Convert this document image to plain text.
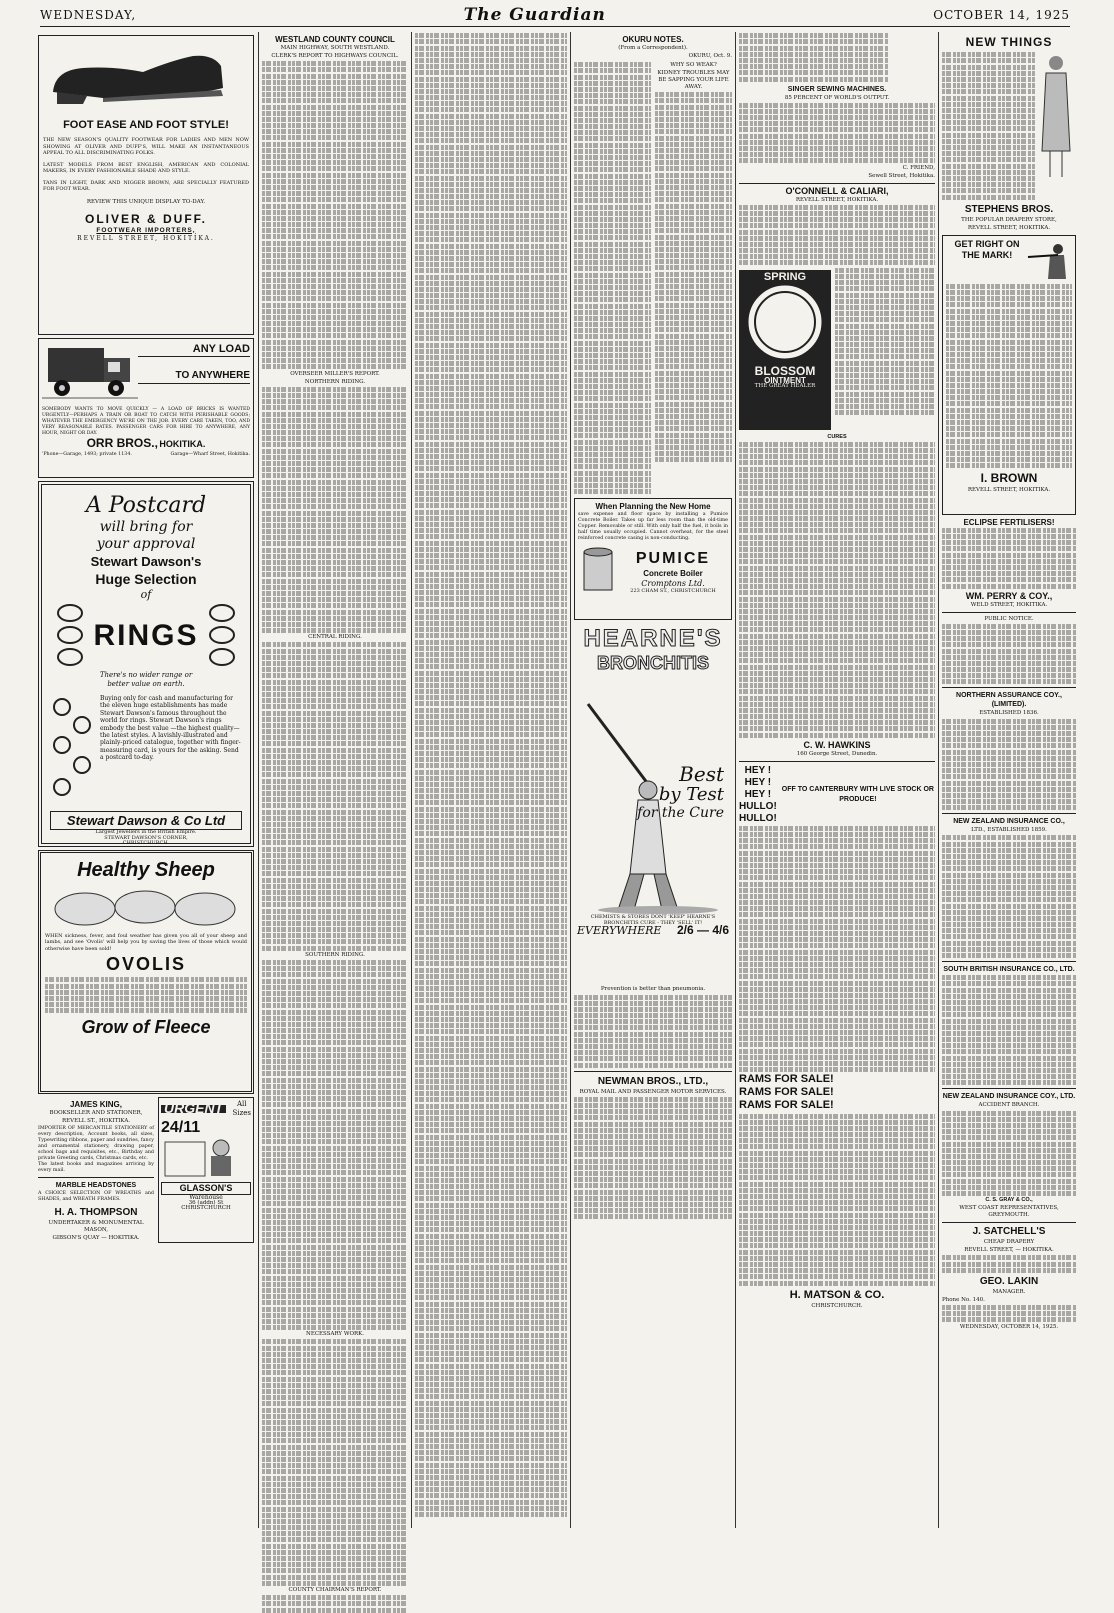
WEDNESDAY,	The Guardian	OCTOBER 14, 1925
FOOT EASE AND FOOT STYLE!
THE NEW SEASON'S QUALITY FOOTWEAR FOR LADIES AND MEN NOW SHOWING AT OLIVER AND DUFF'S, WILL MAKE AN INSTANTANEOUS APPEAL TO ALL DISCRIMINATING FOLKS.
LATEST MODELS FROM BEST ENGLISH, AMERICAN AND COLONIAL MAKERS, IN EVERY FASHIONABLE SHADE AND STYLE.
TANS IN LIGHT, DARK AND NIGGER BROWN, ARE SPECIALLY FEATURED FOR FOOT WEAR.
REVIEW THIS UNIQUE DISPLAY TO-DAY.
OLIVER & DUFF.
FOOTWEAR IMPORTERS,
REVELL STREET, HOKITIKA.
ANY LOAD
TO ANYWHERE
SOMEBODY WANTS TO MOVE QUICKLY — A LOAD OF BRICKS IS WANTED URGENTLY—PERHAPS A TRAIN OR BOAT TO CATCH WITH PERISHABLE GOODS; WHATEVER THE EMERGENCY WE'RE ON THE JOB. EVERY CARE TAKEN, TOO, AND VERY REASONABLE RATES. PASSENGER CARS FOR HIRE TO ANYWHERE, ANY HOUR, NIGHT OR DAY.
ORR BROS., HOKITIKA.
'Phone—Garage, 1493; private 1134.	Garage—Wharf Street, Hokitika.
A Postcard
will bring for
your approval
Stewart Dawson's
Huge Selection
of
RINGS
There's no wider range or
better value on earth.
Buying only for cash and manufacturing for the eleven huge establishments has made Stewart Dawson's famous throughout the world for rings. Stewart Dawson's rings embody the best value —the highest quality—the latest styles. A lavishly-illustrated and plainly-priced catalogue, together with finger-measuring card, is yours for the asking. Send a postcard to-day.
Stewart Dawson & Co Ltd
Largest Jewellers in the British Empire.
STEWART DAWSON'S CORNER,
CHRISTCHURCH.
Healthy Sheep
WHEN sickness, fever, and foul weather has given you all of your sheep and lambs, and see 'Ovolis' will help you by saving the lives of those which would otherwise have been sold!
OVOLIS
Grow of Fleece
JAMES KING,
BOOKSELLER AND STATIONER,
REVELL ST., HOKITIKA.
IMPORTER OF MERCANTILE STATIONERY of every description, Account books, all sizes, Typewriting ribbons, paper and sundries, fancy and ornamental stationery, drawing paper, school bags and requisites, etc., Birthday and private Greeting cards, Christmas cards, etc.
The latest books and magazines arriving by every mail.
MARBLE HEADSTONES
A CHOICE SELECTION OF WREATHS and SHADES, and WREATH FRAMES.
H. A. THOMPSON
UNDERTAKER & MONUMENTAL MASON,
GIBSON'S QUAY — HOKITIKA.
URGENT	All
Sizes
24/11
GLASSON'S
Warehouse
36 (addn) St
CHRISTCHURCH
WESTLAND COUNTY COUNCIL
MAIN HIGHWAY, SOUTH WESTLAND.
CLERK'S REPORT TO HIGHWAYS COUNCIL.
OVERSEER MILLER'S REPORT.
NORTHERN RIDING.
CENTRAL RIDING.
SOUTHERN RIDING.
NECESSARY WORK.
COUNTY CHAIRMAN'S REPORT.
OKURU NOTES.
(From a Correspondent).
OKURU, Oct. 9.
WHY SO WEAK?
KIDNEY TROUBLES MAY BE SAPPING YOUR LIFE AWAY.
When Planning the New Home
save expense and floor space by installing a Pumice Concrete Boiler. Takes up far less room than the old-time Copper. Removable or still. With only half the fuel, it boils in half time usually occupied. Cannot overheat, for the steel reinforced concrete casing is non-conducting.
PUMICE
Concrete Boiler
Cromptons Ltd.
223 CHAM ST., CHRISTCHURCH
HEARNE'S
BRONCHITIS
Best
by Test
for the Cure
CHEMISTS & STORES DONT 'KEEP' HEARNE'S BRONCHITIS CURE - THEY 'SELL' IT!
EVERYWHERE 2/6 — 4/6
Prevention is better than pneumonia.
NEWMAN BROS., LTD.,
ROYAL MAIL AND PASSENGER MOTOR SERVICES.
SINGER SEWING MACHINES.
85 PERCENT OF WORLD'S OUTPUT.
C. FRIEND,
Sewell Street, Hokitika.
O'CONNELL & CALIARI,
REVELL STREET, HOKITIKA.
SPRING
BLOSSOM
OINTMENT
THE GREAT HEALER
CURES
C. W. HAWKINS
160 George Street, Dunedin.
HEY !
HEY !
HEY !
HULLO!
HULLO!
OFF TO CANTERBURY WITH LIVE STOCK OR PRODUCE!
RAMS FOR SALE!
RAMS FOR SALE!
RAMS FOR SALE!
H. MATSON & CO.
CHRISTCHURCH.
NEW THINGS
STEPHENS BROS.
THE POPULAR DRAPERY STORE,
REVELL STREET, HOKITIKA.
GET RIGHT ON THE MARK!
I. BROWN
REVELL STREET, HOKITIKA.
ECLIPSE FERTILISERS!
WM. PERRY & COY.,
WELD STREET, HOKITIKA.
PUBLIC NOTICE.
NORTHERN ASSURANCE COY., (LIMITED).
ESTABLISHED 1836.
NEW ZEALAND INSURANCE CO.,
LTD., ESTABLISHED 1859.
SOUTH BRITISH INSURANCE CO., LTD.
NEW ZEALAND INSURANCE COY., LTD.
ACCIDENT BRANCH.
C. S. GRAY & CO.,
WEST COAST REPRESENTATIVES, GREYMOUTH.
J. SATCHELL'S
CHEAP DRAPERY
REVELL STREET, — HOKITIKA.
GEO. LAKIN
MANAGER.
Phone No. 140.
WEDNESDAY, OCTOBER 14, 1925.
